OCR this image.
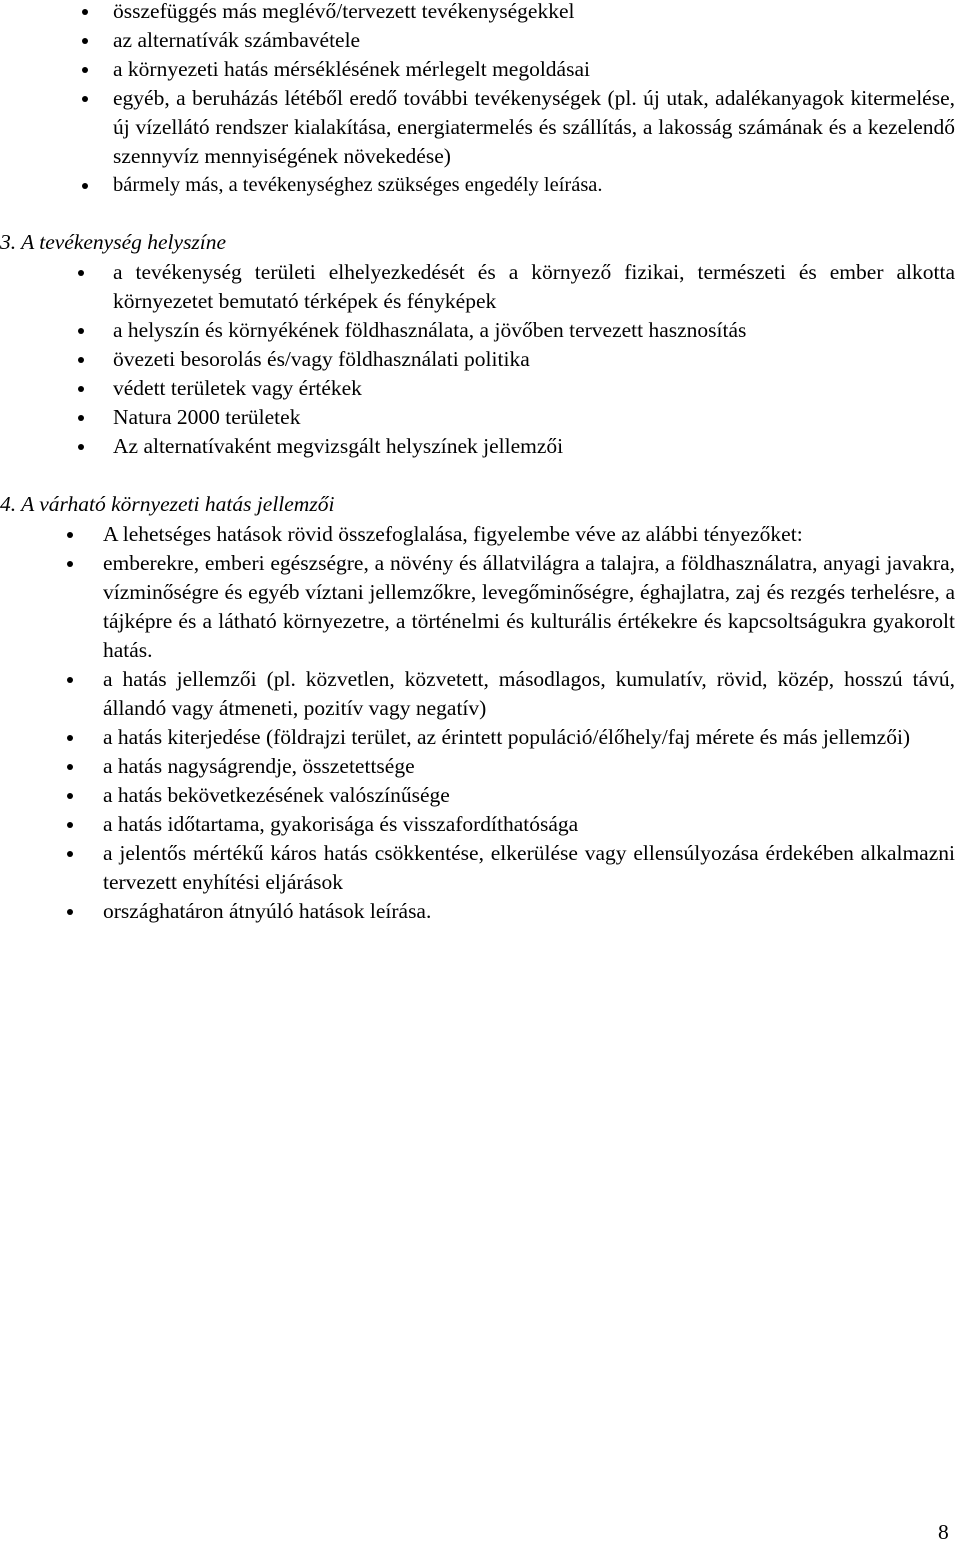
összefüggés más meglévő/tervezett tevékenységekkel
az alternatívák számbavétele
a környezeti hatás mérséklésének mérlegelt megoldásai
egyéb, a beruházás létéből eredő további tevékenységek (pl. új utak, adalékanyagok kitermelése, új vízellátó rendszer kialakítása, energiatermelés és szállítás, a lakosság számának és a kezelendő szennyvíz mennyiségének növekedése)
bármely más, a tevékenységhez szükséges engedély leírása.
3. A tevékenység helyszíne
a tevékenység területi elhelyezkedését és a környező fizikai, természeti és ember alkotta környezetet bemutató térképek és fényképek
a helyszín és környékének földhasználata, a jövőben tervezett hasznosítás
övezeti besorolás és/vagy földhasználati politika
védett területek vagy értékek
Natura 2000 területek
Az alternatívaként megvizsgált helyszínek jellemzői
4. A várható környezeti hatás jellemzői
A lehetséges hatások rövid összefoglalása, figyelembe véve az alábbi tényezőket:
emberekre, emberi egészségre, a növény és állatvilágra a talajra, a földhasználatra, anyagi javakra, vízminőségre és egyéb víztani jellemzőkre, levegőminőségre, éghajlatra, zaj és rezgés terhelésre, a tájképre és a látható környezetre, a történelmi és kulturális értékekre és kapcsoltságukra gyakorolt hatás.
a hatás jellemzői (pl. közvetlen, közvetett, másodlagos, kumulatív, rövid, közép, hosszú távú, állandó vagy átmeneti, pozitív vagy negatív)
a hatás kiterjedése (földrajzi terület, az érintett populáció/élőhely/faj mérete és más jellemzői)
a hatás nagyságrendje, összetettsége
a hatás bekövetkezésének valószínűsége
a hatás időtartama, gyakorisága és visszafordíthatósága
a jelentős mértékű káros hatás csökkentése, elkerülése vagy ellensúlyozása érdekében alkalmazni tervezett enyhítési eljárások
országhatáron átnyúló hatások leírása.
8
